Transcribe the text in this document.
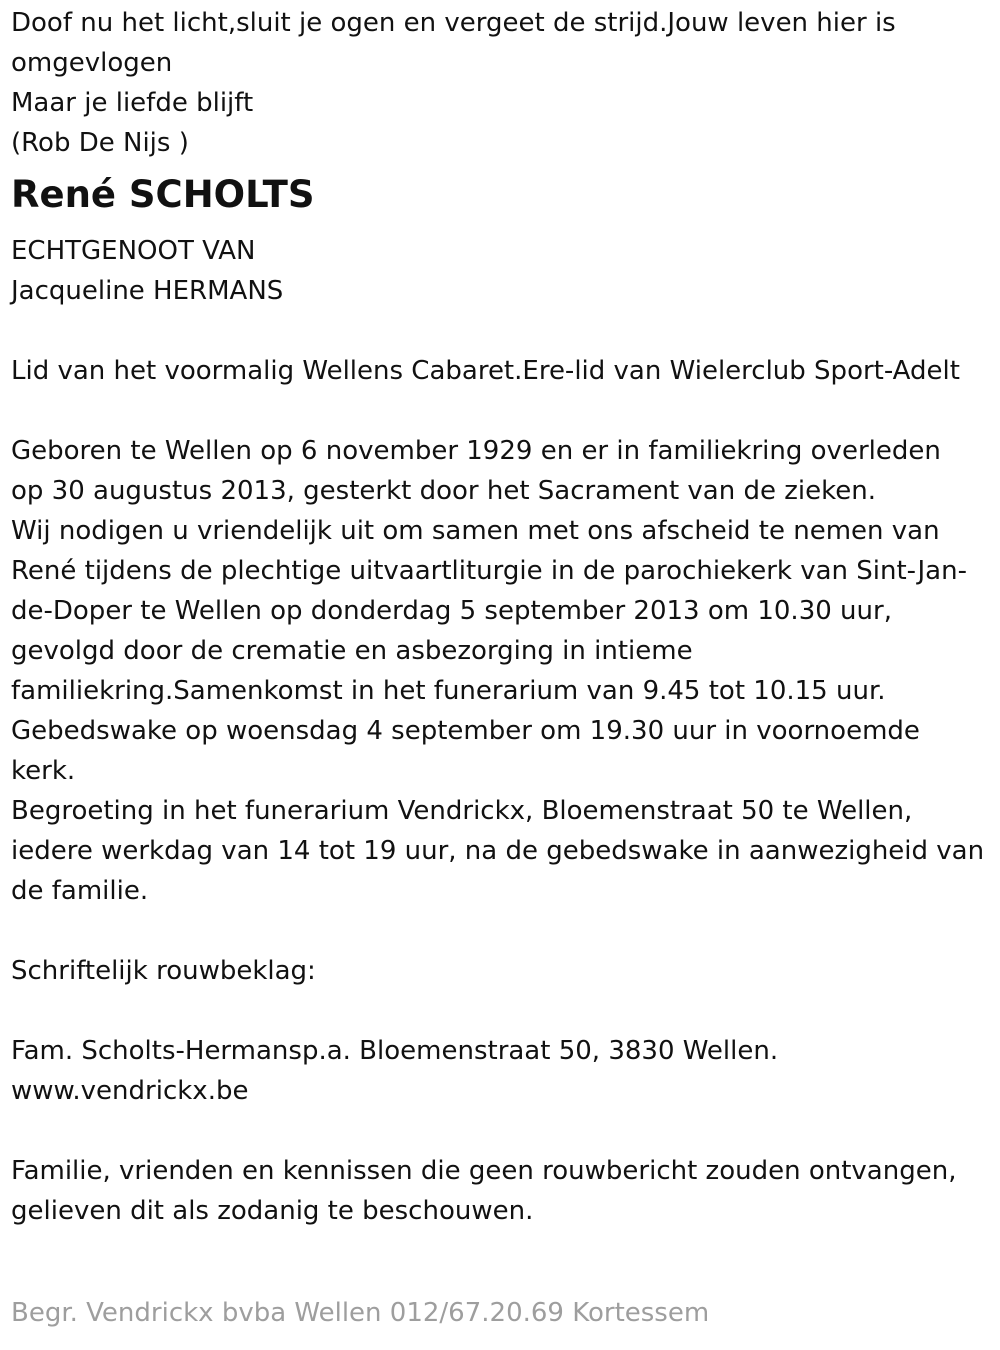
Doof nu het licht,sluit je ogen en vergeet de strijd.Jouw leven hier is
omgevlogen
Maar je liefde blijft
(Rob De Nijs )
René SCHOLTS
ECHTGENOOT VAN
Jacqueline HERMANS
Lid van het voormalig Wellens Cabaret.Ere-lid van Wielerclub Sport-Adelt
Geboren te Wellen op 6 november 1929 en er in familiekring overleden
op 30 augustus 2013, gesterkt door het Sacrament van de zieken.
Wij nodigen u vriendelijk uit om samen met ons afscheid te nemen van
René tijdens de plechtige uitvaartliturgie in de parochiekerk van Sint-Jan-
de-Doper te Wellen op donderdag 5 september 2013 om 10.30 uur,
gevolgd door de crematie en asbezorging in intieme
familiekring.Samenkomst in het funerarium van 9.45 tot 10.15 uur.
Gebedswake op woensdag 4 september om 19.30 uur in voornoemde
kerk.
Begroeting in het funerarium Vendrickx, Bloemenstraat 50 te Wellen,
iedere werkdag van 14 tot 19 uur, na de gebedswake in aanwezigheid van
de familie.
Schriftelijk rouwbeklag:
Fam. Scholts-Hermansp.a. Bloemenstraat 50, 3830 Wellen.
www.vendrickx.be
Familie, vrienden en kennissen die geen rouwbericht zouden ontvangen,
gelieven dit als zodanig te beschouwen.
Begr. Vendrickx bvba Wellen 012/67.20.69 Kortessem
